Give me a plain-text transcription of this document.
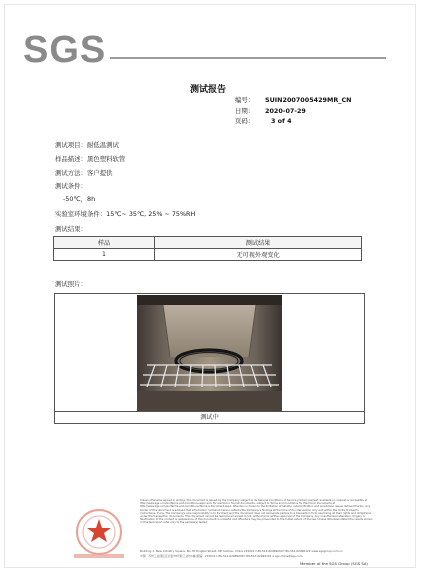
SGS
测试报告
编号：	SUIN2007005429MR_CN
日期：	2020-07-29
页码：	3 of 4
测试项目：耐低温测试
样品描述：黑色塑料软管
测试方法：客户提供
测试条件：
-50℃，8h
实验室环境条件：15℃~ 35℃, 25% ~ 75%RH
测试结果：
样品	测试结果
1	无可视外观变化
测试照片：
测试中
Unless otherwise agreed in writing, this document is issued by the Company subject to its General Conditions of Service printed overleaf, available on request or accessible at http://www.sgs.com/en/Terms-and-Conditions.aspx and, for electronic format documents, subject to Terms and Conditions for Electronic Documents at http://www.sgs.com/en/Terms-and-Conditions/Terms-e-Document.aspx. Attention is drawn to the limitation of liability, indemnification and jurisdiction issues defined therein. Any holder of this document is advised that information contained hereon reflects the Company's findings at the time of its intervention only and within the limits of Client's instructions, if any. The Company's sole responsibility is to its Client and this document does not exonerate parties to a transaction from exercising all their rights and obligations under the transaction documents. This document cannot be reproduced except in full, without prior written approval of the Company. Any unauthorized alteration, forgery or falsification of the content or appearance of this document is unlawful and offenders may be prosecuted to the fullest extent of the law. Unless otherwise stated the results shown in this test report refer only to the sample(s) tested.
Building 1, New Industry Square, No.78 Dingbei Street, SIP Suzhou, China 215021 t 86-512-62989000 f 86-512-62990122 www.sgsgroup.com.cn
中国 · 苏州工业园区定北街78号新工业坊1幢 邮编：215021 t 86-512-62989000 f 86-512-62990122 e sgs.china@sgs.com
Member of the SGS Group (SGS SA)
